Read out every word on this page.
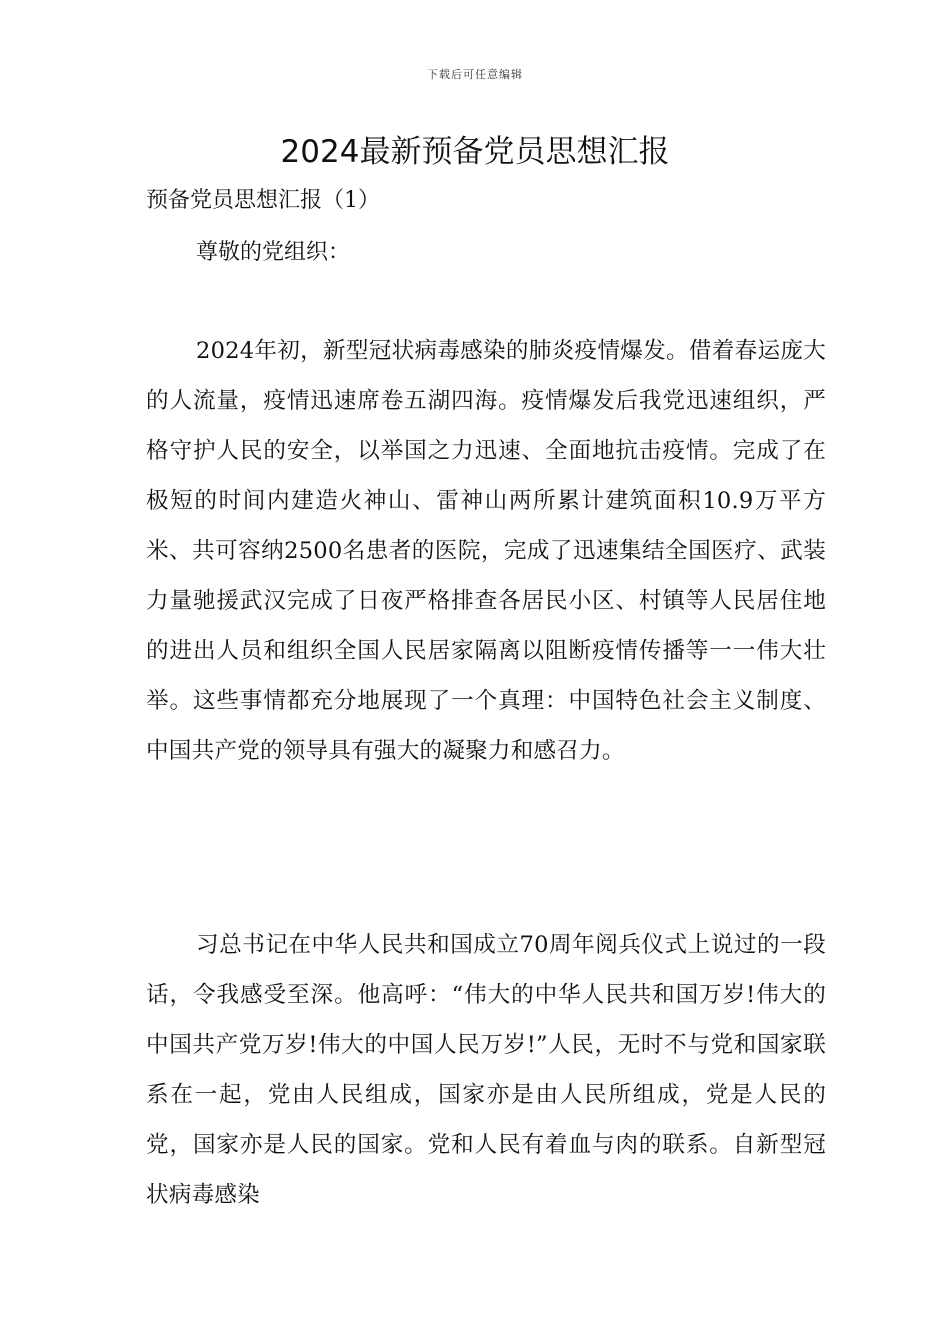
下载后可任意编辑
2024最新预备党员思想汇报
预备党员思想汇报（1）

尊敬的党组织：

2024年初，新型冠状病毒感染的肺炎疫情爆发。借着春运庞大的人流量，疫情迅速席卷五湖四海。疫情爆发后我党迅速组织，严格守护人民的安全，以举国之力迅速、全面地抗击疫情。完成了在极短的时间内建造火神山、雷神山两所累计建筑面积10.9万平方米、共可容纳2500名患者的医院，完成了迅速集结全国医疗、武装力量驰援武汉完成了日夜严格排查各居民小区、村镇等人民居住地的进出人员和组织全国人民居家隔离以阻断疫情传播等一一伟大壮举。这些事情都充分地展现了一个真理：中国特色社会主义制度、中国共产党的领导具有强大的凝聚力和感召力。

习总书记在中华人民共和国成立70周年阅兵仪式上说过的一段话，令我感受至深。他高呼：“伟大的中华人民共和国万岁!伟大的中国共产党万岁!伟大的中国人民万岁!”人民，无时不与党和国家联系在一起，党由人民组成，国家亦是由人民所组成，党是人民的党，国家亦是人民的国家。党和人民有着血与肉的联系。自新型冠状病毒感染
